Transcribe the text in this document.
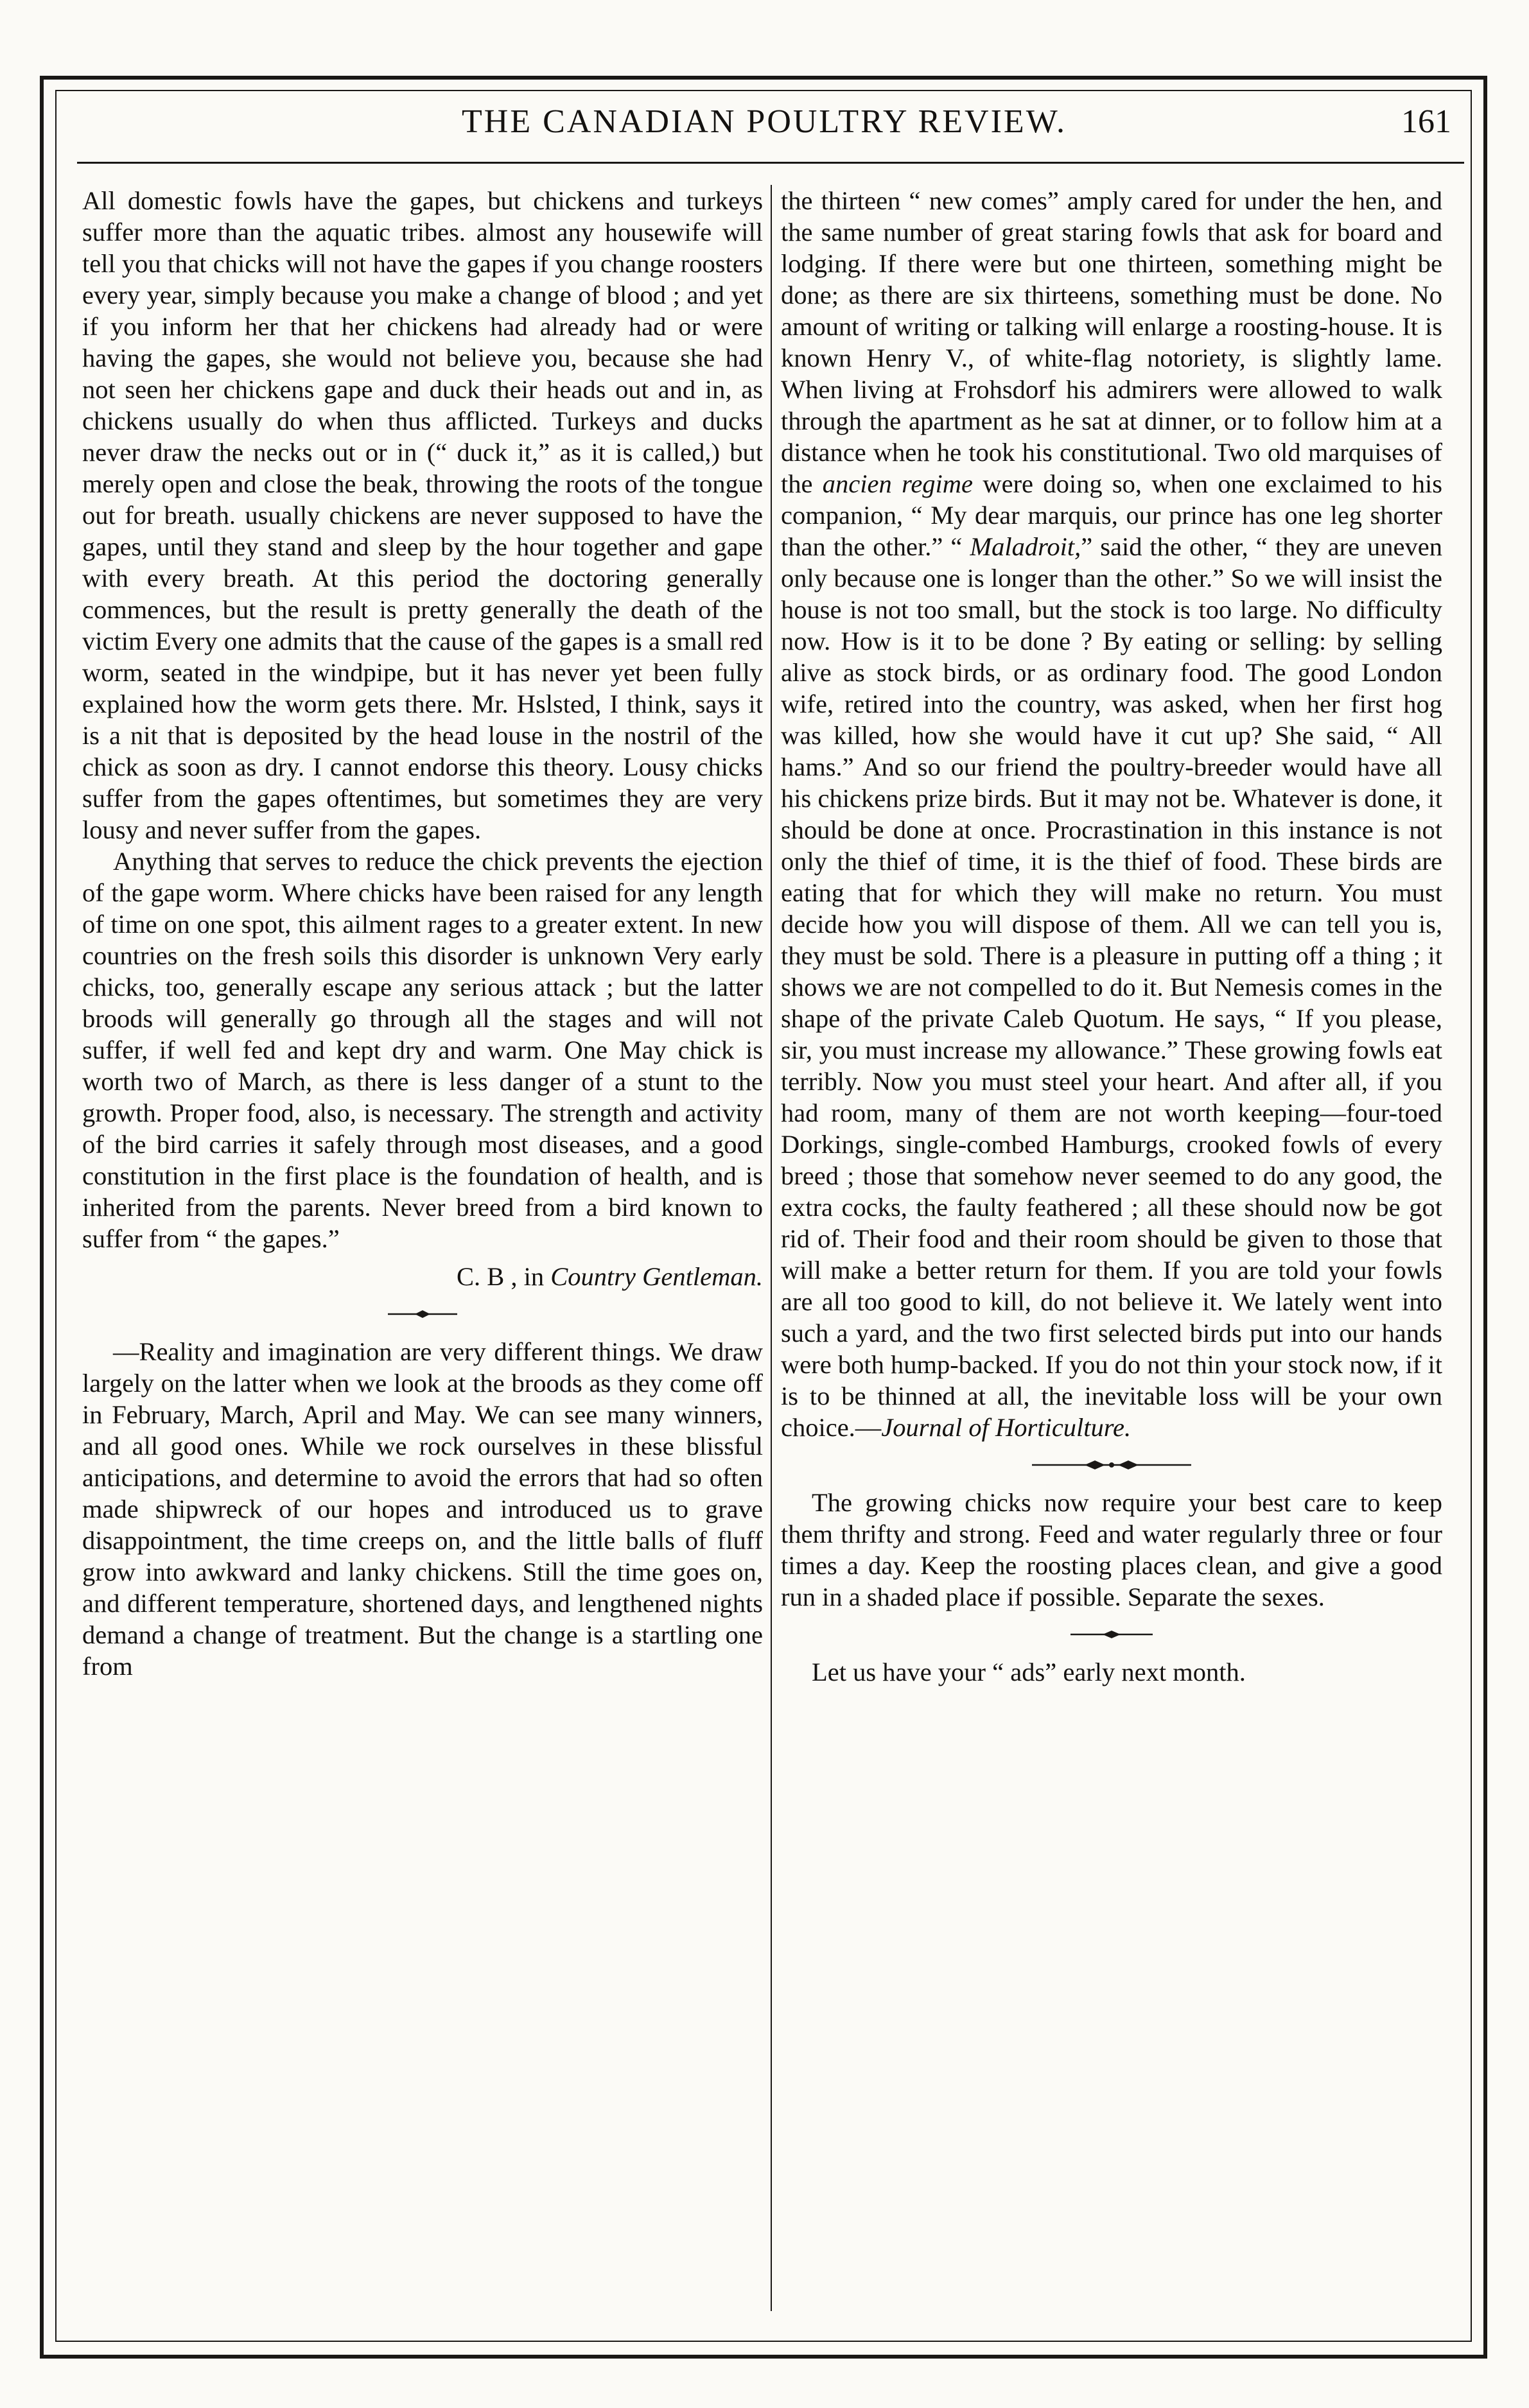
THE CANADIAN POULTRY REVIEW.	161

All domestic fowls have the gapes, but chickens and turkeys suffer more than the aquatic tribes. almost any housewife will tell you that chicks will not have the gapes if you change roosters every year, simply because you make a change of blood ; and yet if you inform her that her chickens had already had or were having the gapes, she would not believe you, because she had not seen her chickens gape and duck their heads out and in, as chickens usually do when thus afflicted. Turkeys and ducks never draw the necks out or in (“ duck it,” as it is called,) but merely open and close the beak, throwing the roots of the tongue out for breath. usually chickens are never supposed to have the gapes, until they stand and sleep by the hour together and gape with every breath. At this period the doctoring generally commences, but the result is pretty generally the death of the victim Every one admits that the cause of the gapes is a small red worm, seated in the windpipe, but it has never yet been fully explained how the worm gets there. Mr. Hslsted, I think, says it is a nit that is deposited by the head louse in the nostril of the chick as soon as dry. I cannot endorse this theory. Lousy chicks suffer from the gapes oftentimes, but sometimes they are very lousy and never suffer from the gapes.

Anything that serves to reduce the chick prevents the ejection of the gape worm. Where chicks have been raised for any length of time on one spot, this ailment rages to a greater extent. In new countries on the fresh soils this disorder is unknown Very early chicks, too, generally escape any serious attack ; but the latter broods will generally go through all the stages and will not suffer, if well fed and kept dry and warm. One May chick is worth two of March, as there is less danger of a stunt to the growth. Proper food, also, is necessary. The strength and activity of the bird carries it safely through most diseases, and a good constitution in the first place is the foundation of health, and is inherited from the parents. Never breed from a bird known to suffer from “ the gapes.”

C. B , in Country Gentleman.

—Reality and imagination are very different things. We draw largely on the latter when we look at the broods as they come off in February, March, April and May. We can see many winners, and all good ones. While we rock ourselves in these blissful anticipations, and determine to avoid the errors that had so often made shipwreck of our hopes and introduced us to grave disappointment, the time creeps on, and the little balls of fluff grow into awkward and lanky chickens. Still the time goes on, and different temperature, shortened days, and lengthened nights demand a change of treatment. But the change is a startling one from

the thirteen “ new comes” amply cared for under the hen, and the same number of great staring fowls that ask for board and lodging. If there were but one thirteen, something might be done; as there are six thirteens, something must be done. No amount of writing or talking will enlarge a roosting-house. It is known Henry V., of white-flag notoriety, is slightly lame. When living at Frohsdorf his admirers were allowed to walk through the apartment as he sat at dinner, or to follow him at a distance when he took his constitutional. Two old marquises of the ancien regime were doing so, when one exclaimed to his companion, “ My dear marquis, our prince has one leg shorter than the other.” “ Maladroit,” said the other, “ they are uneven only because one is longer than the other.” So we will insist the house is not too small, but the stock is too large. No difficulty now. How is it to be done ? By eating or selling: by selling alive as stock birds, or as ordinary food. The good London wife, retired into the country, was asked, when her first hog was killed, how she would have it cut up? She said, “ All hams.” And so our friend the poultry-breeder would have all his chickens prize birds. But it may not be. Whatever is done, it should be done at once. Procrastination in this instance is not only the thief of time, it is the thief of food. These birds are eating that for which they will make no return. You must decide how you will dispose of them. All we can tell you is, they must be sold. There is a pleasure in putting off a thing ; it shows we are not compelled to do it. But Nemesis comes in the shape of the private Caleb Quotum. He says, “ If you please, sir, you must increase my allowance.” These growing fowls eat terribly. Now you must steel your heart. And after all, if you had room, many of them are not worth keeping—four-toed Dorkings, single-combed Hamburgs, crooked fowls of every breed ; those that somehow never seemed to do any good, the extra cocks, the faulty feathered ; all these should now be got rid of. Their food and their room should be given to those that will make a better return for them. If you are told your fowls are all too good to kill, do not believe it. We lately went into such a yard, and the two first selected birds put into our hands were both hump-backed. If you do not thin your stock now, if it is to be thinned at all, the inevitable loss will be your own choice.—Journal of Horticulture.

The growing chicks now require your best care to keep them thrifty and strong. Feed and water regularly three or four times a day. Keep the roosting places clean, and give a good run in a shaded place if possible. Separate the sexes.

Let us have your “ ads” early next month.
